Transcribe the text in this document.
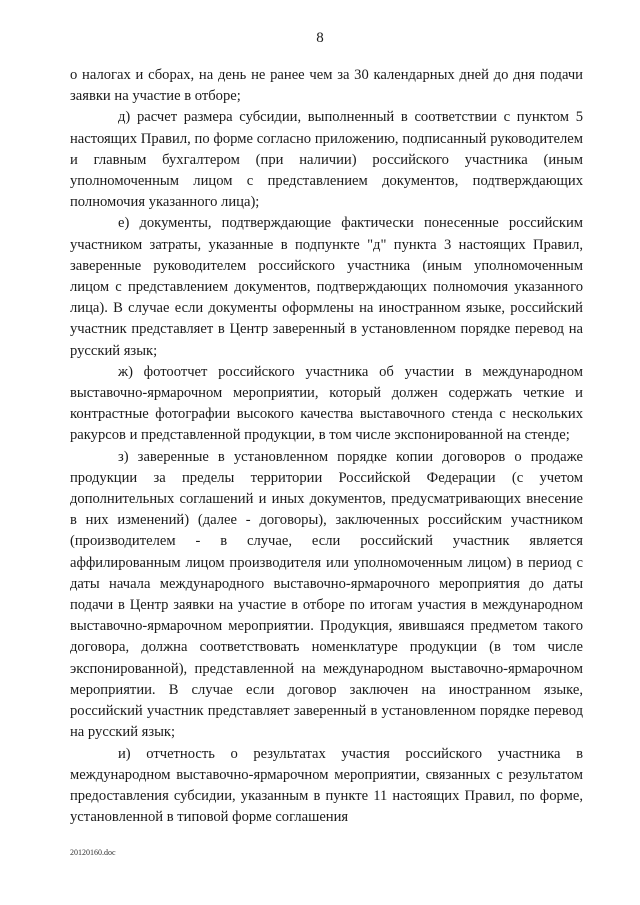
8

о налогах и сборах, на день не ранее чем за 30 календарных дней до дня подачи заявки на участие в отборе;

д) расчет размера субсидии, выполненный в соответствии с пунктом 5 настоящих Правил, по форме согласно приложению, подписанный руководителем и главным бухгалтером (при наличии) российского участника (иным уполномоченным лицом с представлением документов, подтверждающих полномочия указанного лица);

е) документы, подтверждающие фактически понесенные российским участником затраты, указанные в подпункте "д" пункта 3 настоящих Правил, заверенные руководителем российского участника (иным уполномоченным лицом с представлением документов, подтверждающих полномочия указанного лица). В случае если документы оформлены на иностранном языке, российский участник представляет в Центр заверенный в установленном порядке перевод на русский язык;

ж) фотоотчет российского участника об участии в международном выставочно-ярмарочном мероприятии, который должен содержать четкие и контрастные фотографии высокого качества выставочного стенда с нескольких ракурсов и представленной продукции, в том числе экспонированной на стенде;

з) заверенные в установленном порядке копии договоров о продаже продукции за пределы территории Российской Федерации (с учетом дополнительных соглашений и иных документов, предусматривающих внесение в них изменений) (далее - договоры), заключенных российским участником (производителем - в случае, если российский участник является аффилированным лицом производителя или уполномоченным лицом) в период с даты начала международного выставочно-ярмарочного мероприятия до даты подачи в Центр заявки на участие в отборе по итогам участия в международном выставочно-ярмарочном мероприятии. Продукция, явившаяся предметом такого договора, должна соответствовать номенклатуре продукции (в том числе экспонированной), представленной на международном выставочно-ярмарочном мероприятии. В случае если договор заключен на иностранном языке, российский участник представляет заверенный в установленном порядке перевод на русский язык;

и) отчетность о результатах участия российского участника в международном выставочно-ярмарочном мероприятии, связанных с результатом предоставления субсидии, указанным в пункте 11 настоящих Правил, по форме, установленной в типовой форме соглашения

20120160.doc
